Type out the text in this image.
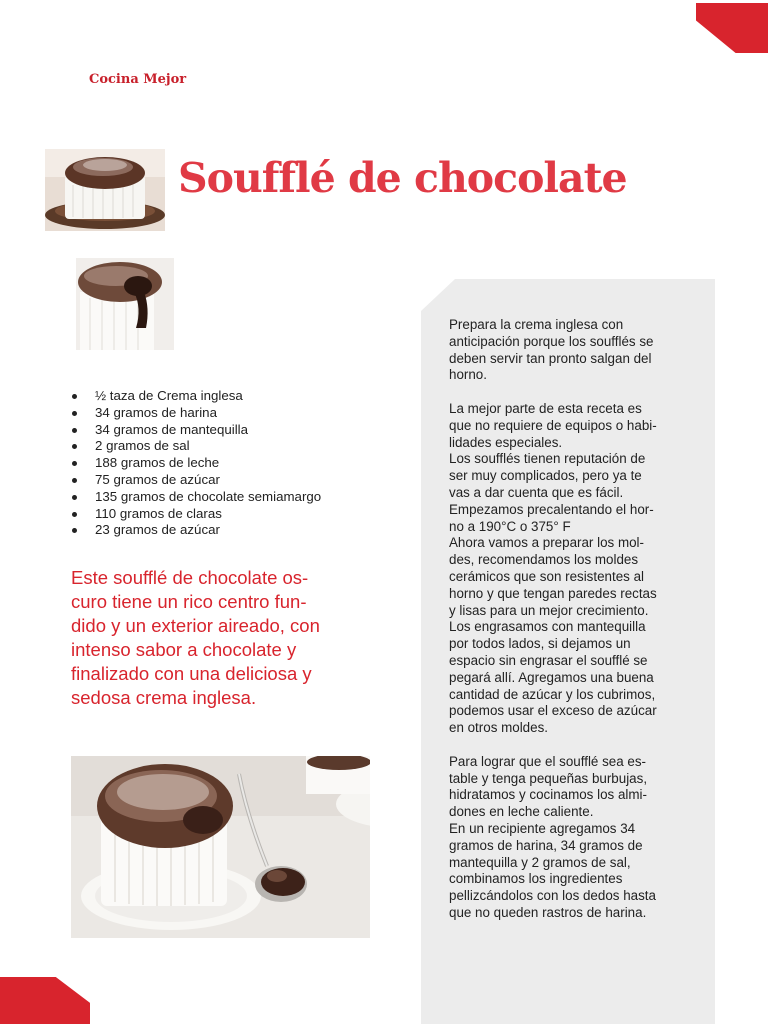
Cocina Mejor
Soufflé de chocolate
½ taza de Crema inglesa
34 gramos de harina
34 gramos de mantequilla
2 gramos de sal
188 gramos de leche
75 gramos de azúcar
135 gramos de chocolate semiamargo
110 gramos de claras
23 gramos de azúcar

Este soufflé de chocolate os-

curo tiene un rico centro fun-

dido y un exterior aireado, con

intenso sabor a chocolate y

finalizado con una deliciosa y

sedosa crema inglesa.

Prepara la crema inglesa con

anticipación porque los soufflés se

deben servir tan pronto salgan del

horno.

La mejor parte de esta receta es

que no requiere de equipos o habi-

lidades especiales.

Los soufflés tienen reputación de

ser muy complicados, pero ya te

vas a dar cuenta que es fácil.

Empezamos precalentando el hor-

no a 190°C o 375° F

Ahora vamos a preparar los mol-

des, recomendamos los moldes

cerámicos que son resistentes al

horno y que tengan paredes rectas

y lisas para un mejor crecimiento.

Los engrasamos con mantequilla

por todos lados, si dejamos un

espacio sin engrasar el soufflé se

pegará allí. Agregamos una buena

cantidad de azúcar y los cubrimos,

podemos usar el exceso de azúcar

en otros moldes.

Para lograr que el soufflé sea es-

table y tenga pequeñas burbujas,

hidratamos y cocinamos los almi-

dones en leche caliente.

En un recipiente agregamos 34

gramos de harina, 34 gramos de

mantequilla y 2 gramos de sal,

combinamos los ingredientes

pellizcándolos con los dedos hasta

que no queden rastros de harina.
